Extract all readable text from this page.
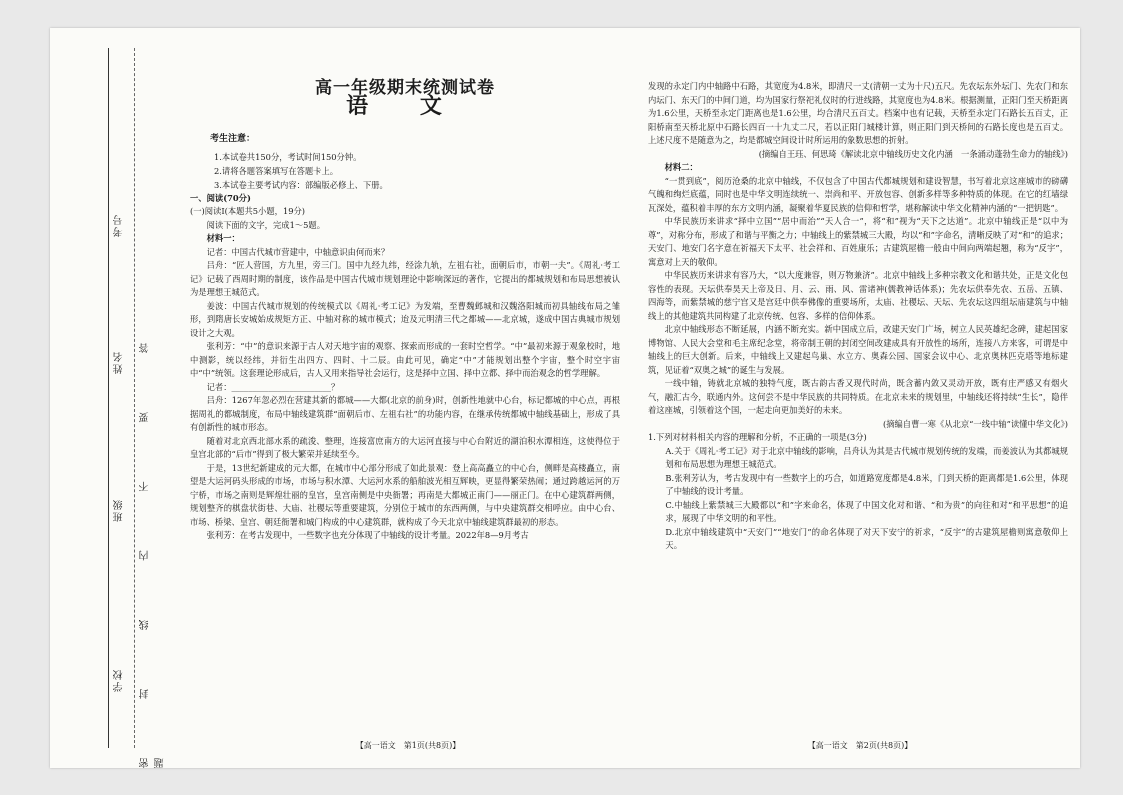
考号
姓名
班级
学校 密 封 线 内 不 要 答 题
高一年级期末统测试卷
语 文
考生注意：
1.本试卷共150分，考试时间150分钟。
2.请将各题答案填写在答题卡上。
3.本试卷主要考试内容：部编版必修上、下册。

一、阅读(70分)

(一)阅读Ⅰ(本题共5小题，19分)

阅读下面的文字，完成1～5题。

材料一：

记者：中国古代城市营建中，中轴意识由何而来？

吕舟：“匠人营国，方九里，旁三门。国中九经九纬，经涂九轨，左祖右社，面朝后市，市朝一夫”。《周礼·考工记》记载了西周时期的制度，该作品是中国古代城市规划理论中影响深远的著作，它提出的都城规划和布局思想被认为是理想王城范式。

姜波：中国古代城市规划的传统模式以《周礼·考工记》为发端，至曹魏邺城和汉魏洛阳城而初具轴线布局之雏形，到隋唐长安城始成规矩方正、中轴对称的城市模式；迨及元明清三代之都城——北京城，遂成中国古典城市规划设计之大观。

张利芳：“中”的意识来源于古人对天地宇宙的观察、探索而形成的一套时空哲学。“中”最初来源于观象校时，地中测影，统以经纬，并衍生出四方、四时、十二辰。由此可见，确定“中”才能规划出整个宇宙，整个时空宇宙中“中”统领。这套理论形成后，古人又用来指导社会运行，这是择中立国、择中立都、择中而治观念的哲学理解。

记者：________________________？

吕舟：1267年忽必烈在营建其新的都城——大都(北京的前身)时，创新性地就中心台，标记都城的中心点，再根据周礼的都城制度，布局中轴线建筑群“面朝后市、左祖右社”的功能内容，在继承传统都城中轴线基础上，形成了具有创新性的城市形态。

随着对北京西北部水系的疏浚、整理，连接富庶南方的大运河直接与中心台附近的湖泊积水潭相连，这使得位于皇宫北部的“后市”得到了极大繁荣并延续至今。

于是，13世纪新建成的元大都，在城市中心部分形成了如此景观：登上高高矗立的中心台，侧畔是高楼矗立，南望是大运河码头形成的市场，市场与积水潭、大运河水系的船舶波光相互辉映，更显得繁荣热闹；通过跨越运河的万宁桥，市场之南则是辉煌壮丽的皇宫，皇宫南侧是中央衙署；再南是大都城正南门——丽正门。在中心建筑群两侧，规划整齐的棋盘状街巷、大庙、社稷坛等重要建筑，分别位于城市的东西两侧，与中央建筑群交相呼应。由中心台、市场、桥梁、皇宫、朝廷衙署和城门构成的中心建筑群，就构成了今天北京中轴线建筑群最初的形态。

张利芳：在考古发现中，一些数字也充分体现了中轴线的设计考量。2022年8—9月考古

发现的永定门内中轴路中石路，其宽度为4.8米，即清尺一丈(清朝一丈为十尺)五尺。先农坛东外坛门、先农门和东内坛门、东天门的中间门道，均为国家行祭祀礼仪时的行进线路，其宽度也为4.8米。根据测量，正阳门至天桥距离为1.6公里，天桥至永定门距离也是1.6公里，均合清尺五百丈。档案中也有记载，天桥至永定门石路长五百丈，正阳桥南至天桥北原中石路长四百一十九丈二尺，若以正阳门城楼计算，则正阳门到天桥间的石路长度也是五百丈。上述尺度不是随意为之，均是都城空间设计时所运用的象数思想的折射。

(摘编自王珏、何思琦《解读北京中轴线历史文化内涵　一条涌动蓬勃生命力的轴线》)

材料二：

“一贯到底”，阅历沧桑的北京中轴线，不仅包含了中国古代都城规划和建设智慧，书写着北京这座城市的磅礴气魄和绚烂底蕴，同时也是中华文明连续统一、崇尚和平、开放包容、创新多样等多种特质的体现。在它的红墙绿瓦深处，蕴积着丰厚的东方文明内涵，凝聚着华夏民族的信仰和哲学，堪称解读中华文化精神内涵的“一把钥匙”。

中华民族历来讲求“择中立国”“居中而治”“天人合一”，将“和”视为“天下之达道”。北京中轴线正是“以中为尊”，对称分布，形成了和谐与平衡之力；中轴线上的紫禁城三大殿，均以“和”字命名，清晰反映了对“和”的追求；天安门、地安门名字意在祈福天下太平、社会祥和、百姓康乐；古建筑屋檐一般由中间向两端起翘，称为“反宇”，寓意对上天的敬仰。

中华民族历来讲求有容乃大，“以大度兼容，则万物兼济”。北京中轴线上多种宗教文化和谐共处，正是文化包容性的表现。天坛供奉昊天上帝及日、月、云、雨、风、雷诸神(儒教神话体系)；先农坛供奉先农、五岳、五镇、四海等，而紫禁城的慈宁宫又是宫廷中供奉佛像的重要场所，太庙、社稷坛、天坛、先农坛这四组坛庙建筑与中轴线上的其他建筑共同构建了北京传统、包容、多样的信仰体系。

北京中轴线形态不断延展，内涵不断充实。新中国成立后，改建天安门广场，树立人民英雄纪念碑，建起国家博物馆、人民大会堂和毛主席纪念堂，将帝制王朝的封闭空间改建成具有开放性的场所，连接八方来客，可谓是中轴线上的巨大创新。后来，中轴线上又建起鸟巢、水立方、奥森公园、国家会议中心、北京奥林匹克塔等地标建筑，见证着“双奥之城”的诞生与发展。

一线中轴，铸就北京城的独特气度，既古韵古香又现代时尚，既含蓄内敛又灵动开放，既有庄严感又有烟火气，融汇古今，联通内外。这何尝不是中华民族的共同特质。在北京未来的规划里，中轴线还将持续“生长”，隐伴着这座城，引领着这个国，一起走向更加美好的未来。

(摘编自曹一寒《从北京“一线中轴”读懂中华文化》)

1.下列对材料相关内容的理解和分析，不正确的一项是(3分)

A.关于《周礼·考工记》对于北京中轴线的影响，吕舟认为其是古代城市规划传统的发端，而姜波认为其都城规划和布局思想为理想王城范式。

B.张利芳认为，考古发现中有一些数字上的巧合，如道路宽度都是4.8米，门到天桥的距离都是1.6公里，体现了中轴线的设计考量。

C.中轴线上紫禁城三大殿都以“和”字来命名，体现了中国文化对和谐、“和为贵”的向往和对“和平思想”的追求，展现了中华文明的和平性。

D.北京中轴线建筑中“天安门”“地安门”的命名体现了对天下安宁的祈求，“反宇”的古建筑屋檐则寓意敬仰上天。

【高一语文　第1页(共8页)】	【高一语文　第2页(共8页)】
